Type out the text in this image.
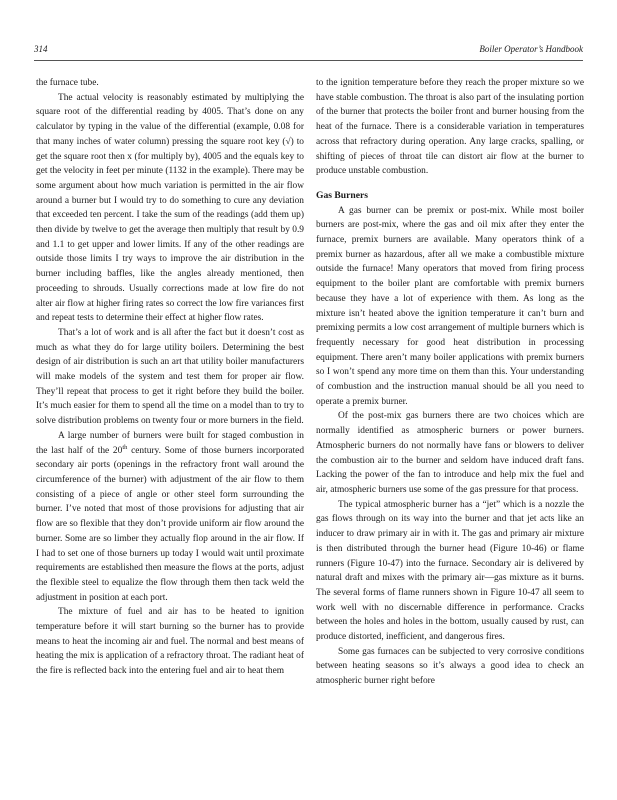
314	Boiler Operator’s Handbook

the furnace tube.

The actual velocity is reasonably estimated by multiplying the square root of the differential reading by 4005. That’s done on any calculator by typing in the value of the differential (example, 0.08 for that many inches of water column) pressing the square root key (√) to get the square root then x (for multiply by), 4005 and the equals key to get the velocity in feet per minute (1132 in the example). There may be some argument about how much variation is permitted in the air flow around a burner but I would try to do something to cure any deviation that exceeded ten percent. I take the sum of the readings (add them up) then divide by twelve to get the average then multiply that result by 0.9 and 1.1 to get upper and lower limits. If any of the other readings are outside those limits I try ways to improve the air distribution in the burner including baffles, like the angles already mentioned, then proceeding to shrouds. Usually corrections made at low fire do not alter air flow at higher firing rates so correct the low fire variances first and repeat tests to determine their effect at higher flow rates.

That’s a lot of work and is all after the fact but it doesn’t cost as much as what they do for large utility boilers. Determining the best design of air distribution is such an art that utility boiler manufacturers will make models of the system and test them for proper air flow. They’ll repeat that process to get it right before they build the boiler. It’s much easier for them to spend all the time on a model than to try to solve distribution problems on twenty four or more burners in the field.

A large number of burners were built for staged combustion in the last half of the 20th century. Some of those burners incorporated secondary air ports (openings in the refractory front wall around the circumference of the burner) with adjustment of the air flow to them consisting of a piece of angle or other steel form surrounding the burner. I’ve noted that most of those provisions for adjusting that air flow are so flexible that they don’t provide uniform air flow around the burner. Some are so limber they actually flop around in the air flow. If I had to set one of those burners up today I would wait until proximate requirements are established then measure the flows at the ports, adjust the flexible steel to equalize the flow through them then tack weld the adjustment in position at each port.

The mixture of fuel and air has to be heated to ignition temperature before it will start burning so the burner has to provide means to heat the incoming air and fuel. The normal and best means of heating the mix is application of a refractory throat. The radiant heat of the fire is reflected back into the entering fuel and air to heat them

to the ignition temperature before they reach the proper mixture so we have stable combustion. The throat is also part of the insulating portion of the burner that protects the boiler front and burner housing from the heat of the furnace. There is a considerable variation in temperatures across that refractory during operation. Any large cracks, spalling, or shifting of pieces of throat tile can distort air flow at the burner to produce unstable combustion.

Gas Burners

A gas burner can be premix or post-mix. While most boiler burners are post-mix, where the gas and oil mix after they enter the furnace, premix burners are available. Many operators think of a premix burner as hazardous, after all we make a combustible mixture outside the furnace! Many operators that moved from firing process equipment to the boiler plant are comfortable with premix burners because they have a lot of experience with them. As long as the mixture isn’t heated above the ignition temperature it can’t burn and premixing permits a low cost arrangement of multiple burners which is frequently necessary for good heat distribution in processing equipment. There aren’t many boiler applications with premix burners so I won’t spend any more time on them than this. Your understanding of combustion and the instruction manual should be all you need to operate a premix burner.

Of the post-mix gas burners there are two choices which are normally identified as atmospheric burners or power burners. Atmospheric burners do not normally have fans or blowers to deliver the combustion air to the burner and seldom have induced draft fans. Lacking the power of the fan to introduce and help mix the fuel and air, atmospheric burners use some of the gas pressure for that process.

The typical atmospheric burner has a “jet” which is a nozzle the gas flows through on its way into the burner and that jet acts like an inducer to draw primary air in with it. The gas and primary air mixture is then distributed through the burner head (Figure 10-46) or flame runners (Figure 10-47) into the furnace. Secondary air is delivered by natural draft and mixes with the primary air—gas mixture as it burns. The several forms of flame runners shown in Figure 10-47 all seem to work well with no discernable difference in performance. Cracks between the holes and holes in the bottom, usually caused by rust, can produce distorted, inefficient, and dangerous fires.

Some gas furnaces can be subjected to very corrosive conditions between heating seasons so it’s always a good idea to check an atmospheric burner right before
